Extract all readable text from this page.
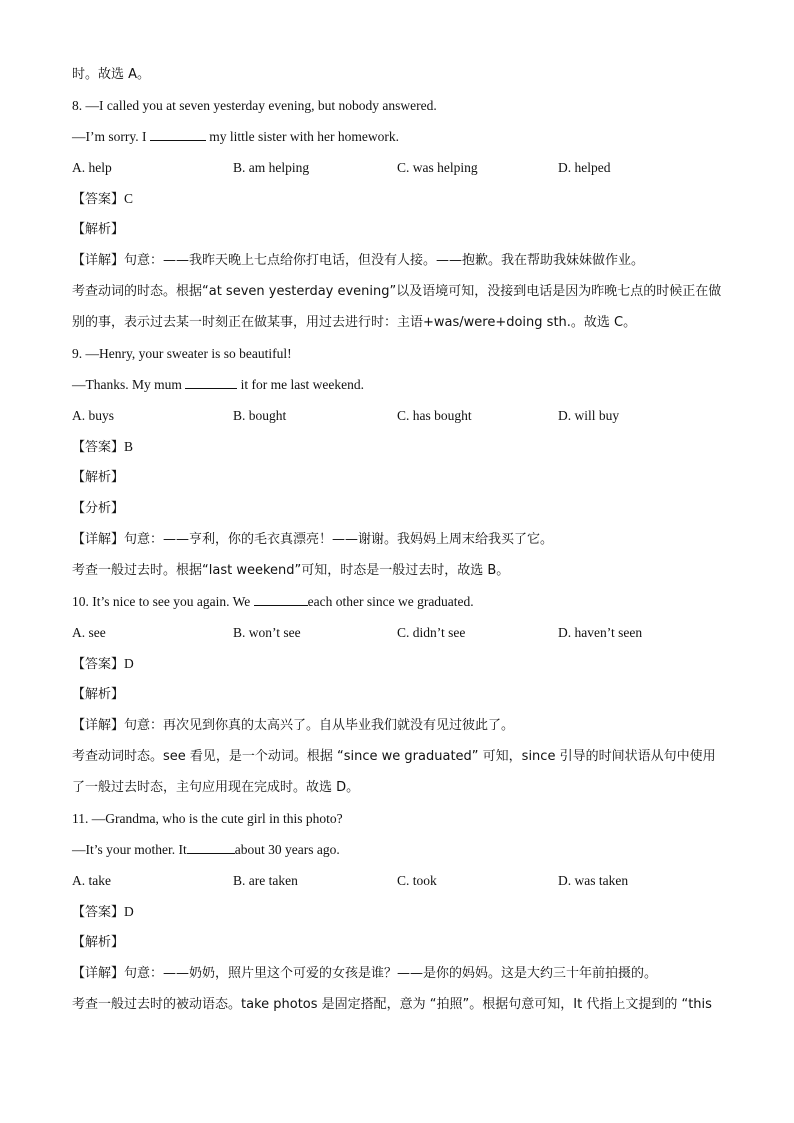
时。故选 A。
8. —I called you at seven yesterday evening, but nobody answered.
—I’m sorry. I	my little sister with her homework.
A. help	B. am helping	C. was helping	D. helped
【答案】C
【解析】
【详解】句意：——我昨天晚上七点给你打电话，但没有人接。——抱歉。我在帮助我妹妹做作业。
考查动词的时态。根据“at seven yesterday evening”以及语境可知，没接到电话是因为昨晚七点的时候正在做
别的事，表示过去某一时刻正在做某事，用过去进行时：主语+was/were+doing sth.。故选 C。
9. —Henry, your sweater is so beautiful!
—Thanks. My mum	it for me last weekend.
A. buys	B. bought	C. has bought	D. will buy
【答案】B
【解析】
【分析】
【详解】句意：——亨利，你的毛衣真漂亮！——谢谢。我妈妈上周末给我买了它。
考查一般过去时。根据“last weekend”可知，时态是一般过去时，故选 B。
10. It’s nice to see you again. We	each other since we graduated.
A. see	B. won’t see	C. didn’t see	D. haven’t seen
【答案】D
【解析】
【详解】句意：再次见到你真的太高兴了。自从毕业我们就没有见过彼此了。
考查动词时态。see 看见，是一个动词。根据 “since we graduated” 可知，since 引导的时间状语从句中使用
了一般过去时态，主句应用现在完成时。故选 D。
11. —Grandma, who is the cute girl in this photo?
—It’s your mother. It	about 30 years ago.
A. take	B. are taken	C. took	D. was taken
【答案】D
【解析】
【详解】句意：——奶奶，照片里这个可爱的女孩是谁？——是你的妈妈。这是大约三十年前拍摄的。
考查一般过去时的被动语态。take photos 是固定搭配，意为 “拍照”。根据句意可知，It 代指上文提到的 “this
